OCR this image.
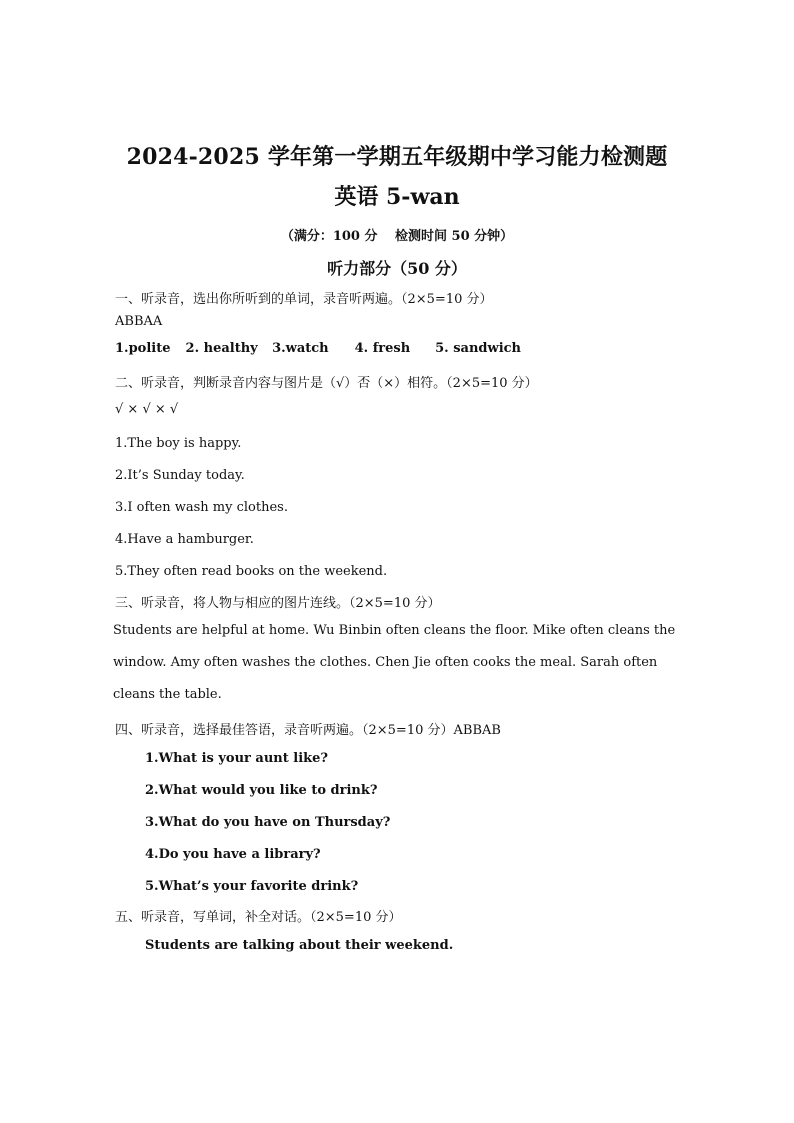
2024-2025 学年第一学期五年级期中学习能力检测题
英语 5-wan
（满分：100 分　 检测时间 50 分钟）
听力部分（50 分）
一、听录音，选出你所听到的单词，录音听两遍。（2×5=10 分）
ABBAA
1.polite 2. healthy 3.watch 4. fresh 5. sandwich
二、听录音，判断录音内容与图片是（√）否（×）相符。（2×5=10 分）
√ × √ × √
1.The boy is happy.
2.It’s Sunday today.
3.I often wash my clothes.
4.Have a hamburger.
5.They often read books on the weekend.
三、听录音，将人物与相应的图片连线。（2×5=10 分）
Students are helpful at home. Wu Binbin often cleans the floor. Mike often cleans the
window. Amy often washes the clothes. Chen Jie often cooks the meal. Sarah often
cleans the table.
四、听录音，选择最佳答语，录音听两遍。（2×5=10 分）ABBAB
1.What is your aunt like?
2.What would you like to drink?
3.What do you have on Thursday?
4.Do you have a library?
5.What’s your favorite drink?
五、听录音，写单词，补全对话。（2×5=10 分）
Students are talking about their weekend.
